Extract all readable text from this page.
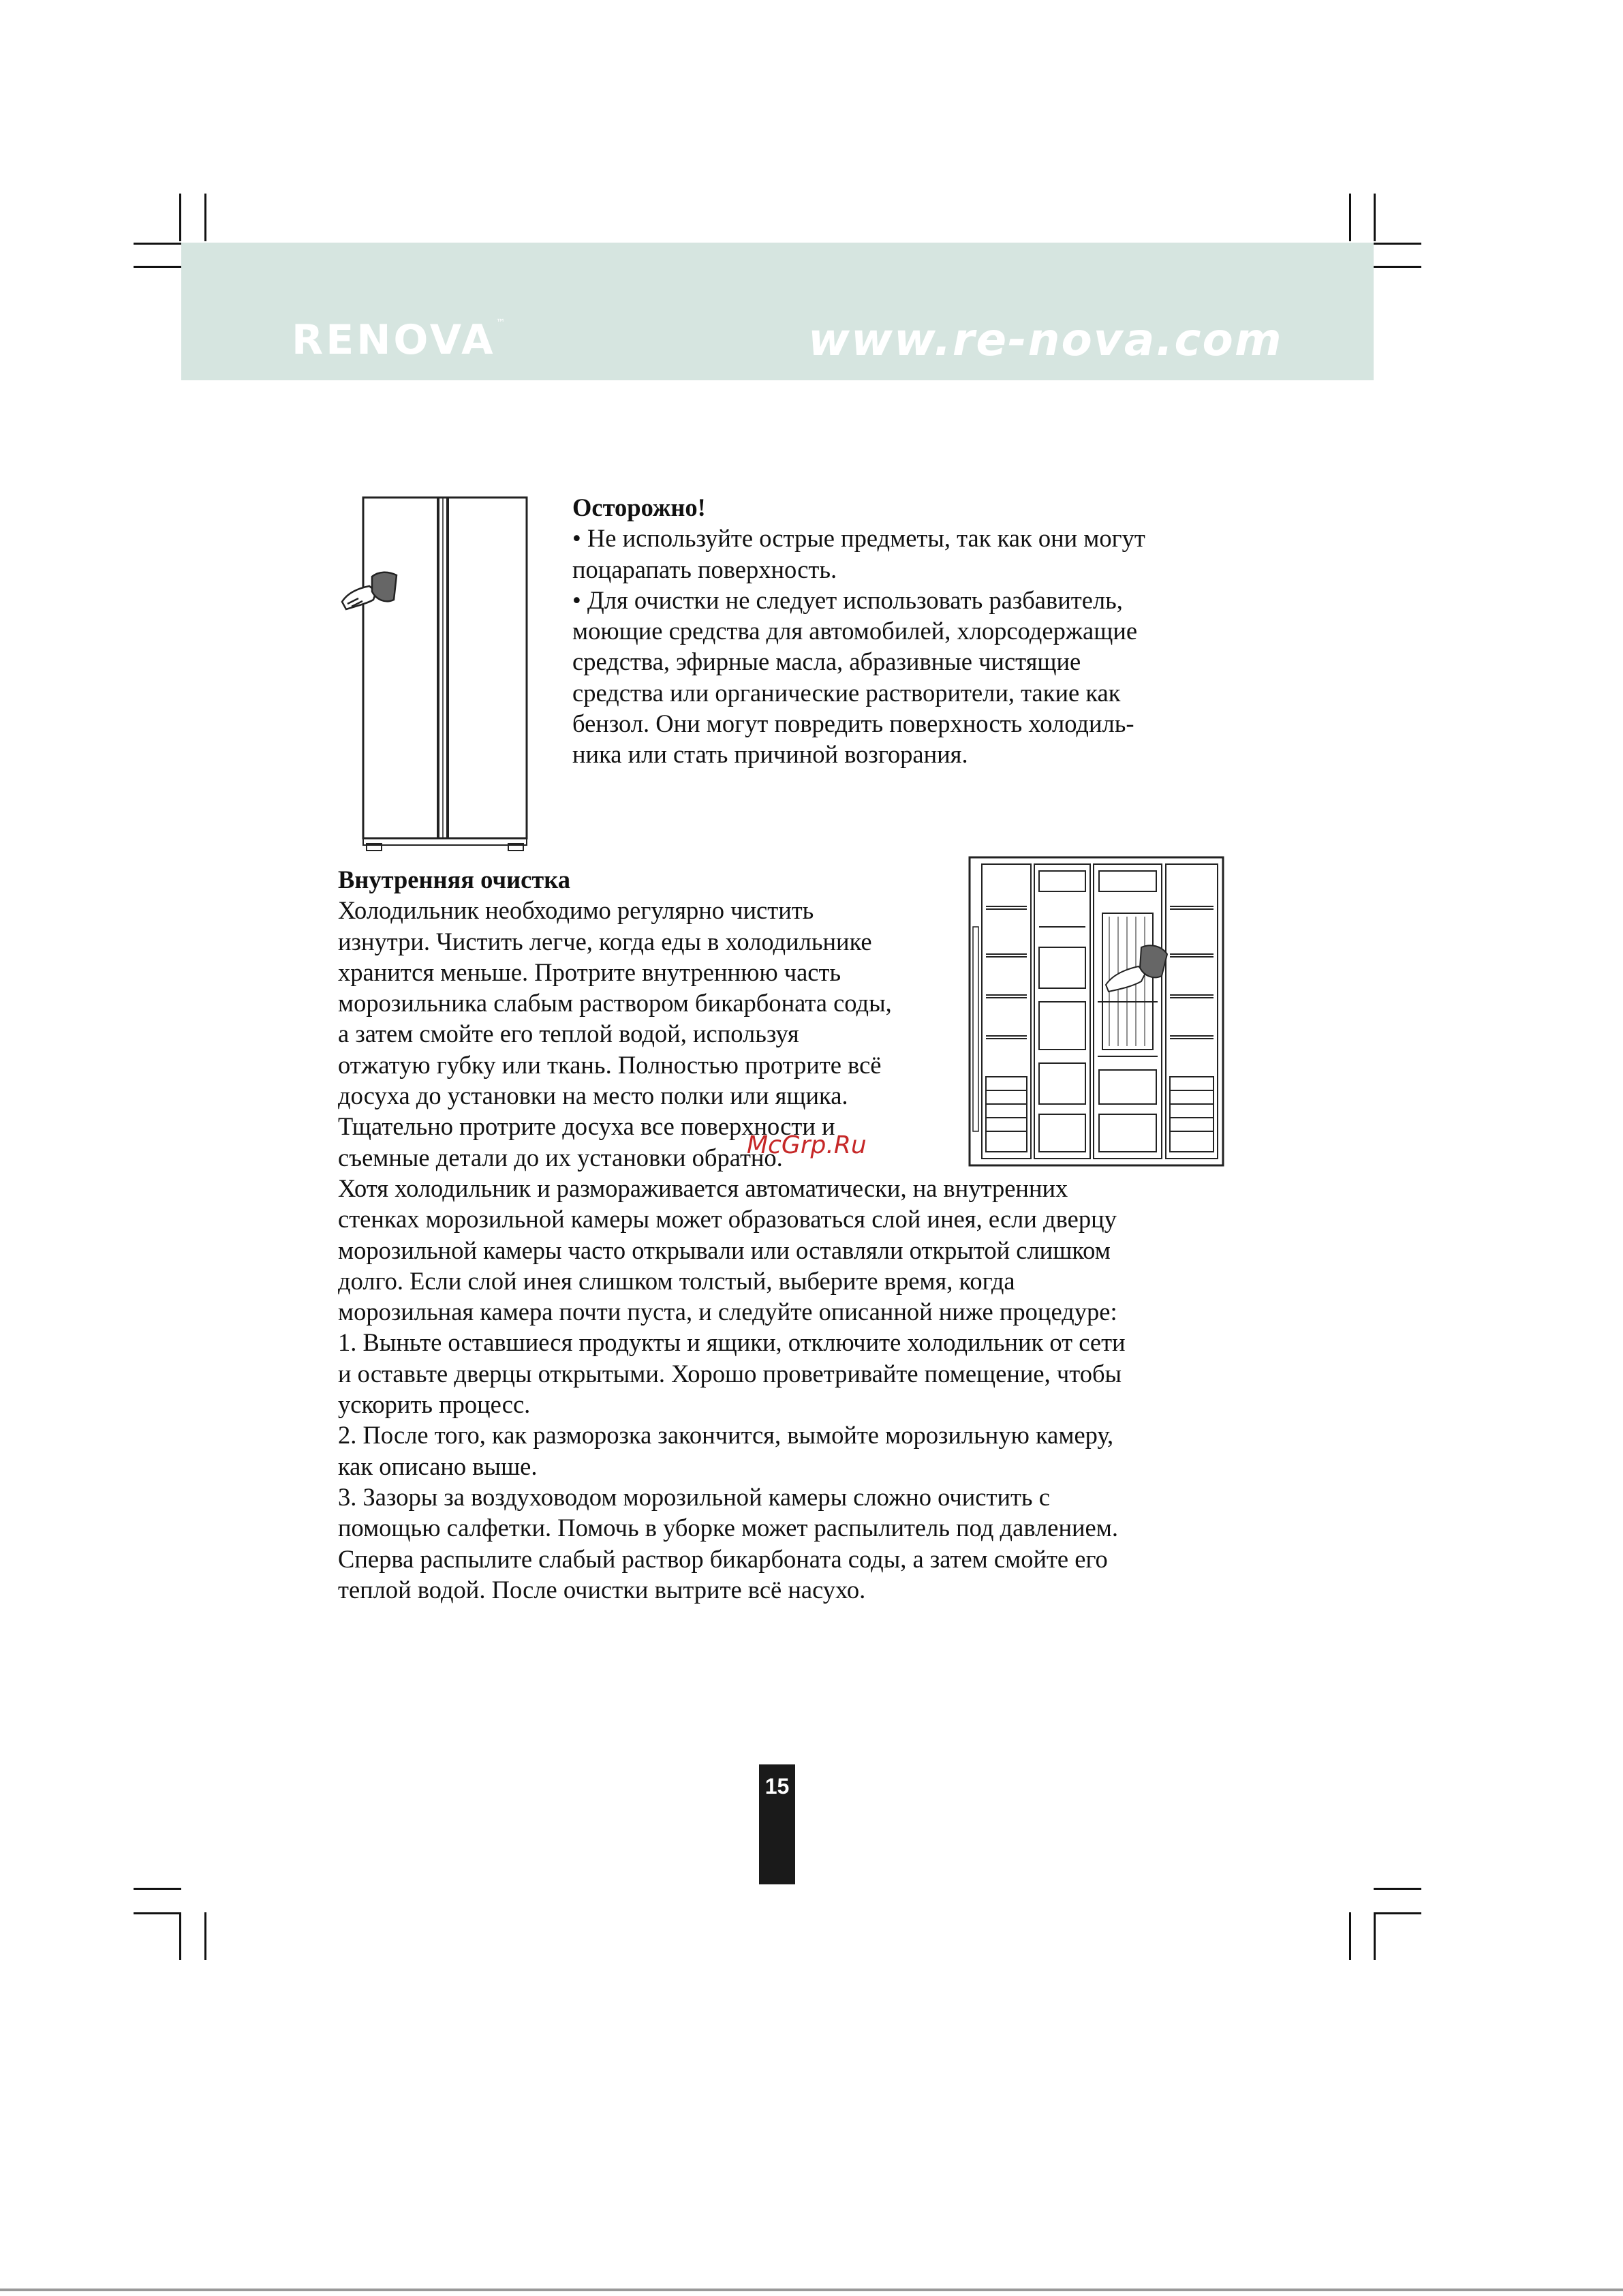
RENOVA™	www.re-nova.com
Осторожно!
• Не используйте острые предметы, так как они могут
поцарапать поверхность.
• Для очистки не следует использовать разбавитель,
моющие средства для автомобилей, хлорсодержащие
средства, эфирные масла, абразивные чистящие
средства или органические растворители, такие как
бензол. Они могут повредить поверхность холодиль-
ника или стать причиной возгорания.
Внутренняя очистка
Холодильник необходимо регулярно чистить
изнутри. Чистить легче, когда еды в холодильнике
хранится меньше. Протрите внутреннюю часть
морозильника слабым раствором бикарбоната соды,
а затем смойте его теплой водой, используя
отжатую губку или ткань. Полностью протрите всё
досуха до установки на место полки или ящика.
Тщательно протрите досуха все поверхности и
съемные детали до их установки обратно.
Хотя холодильник и размораживается автоматически, на внутренних
стенках морозильной камеры может образоваться слой инея, если дверцу
морозильной камеры часто открывали или оставляли открытой слишком
долго. Если слой инея слишком толстый, выберите время, когда
морозильная камера почти пуста, и следуйте описанной ниже процедуре:
1. Выньте оставшиеся продукты и ящики, отключите холодильник от сети
и оставьте дверцы открытыми. Хорошо проветривайте помещение, чтобы
ускорить процесс.
2. После того, как разморозка закончится, вымойте морозильную камеру,
как описано выше.
3. Зазоры за воздуховодом морозильной камеры сложно очистить с
помощью салфетки. Помочь в уборке может распылитель под давлением.
Сперва распылите слабый раствор бикарбоната соды, а затем смойте его
теплой водой. После очистки вытрите всё насухо.
McGrp.Ru
15
